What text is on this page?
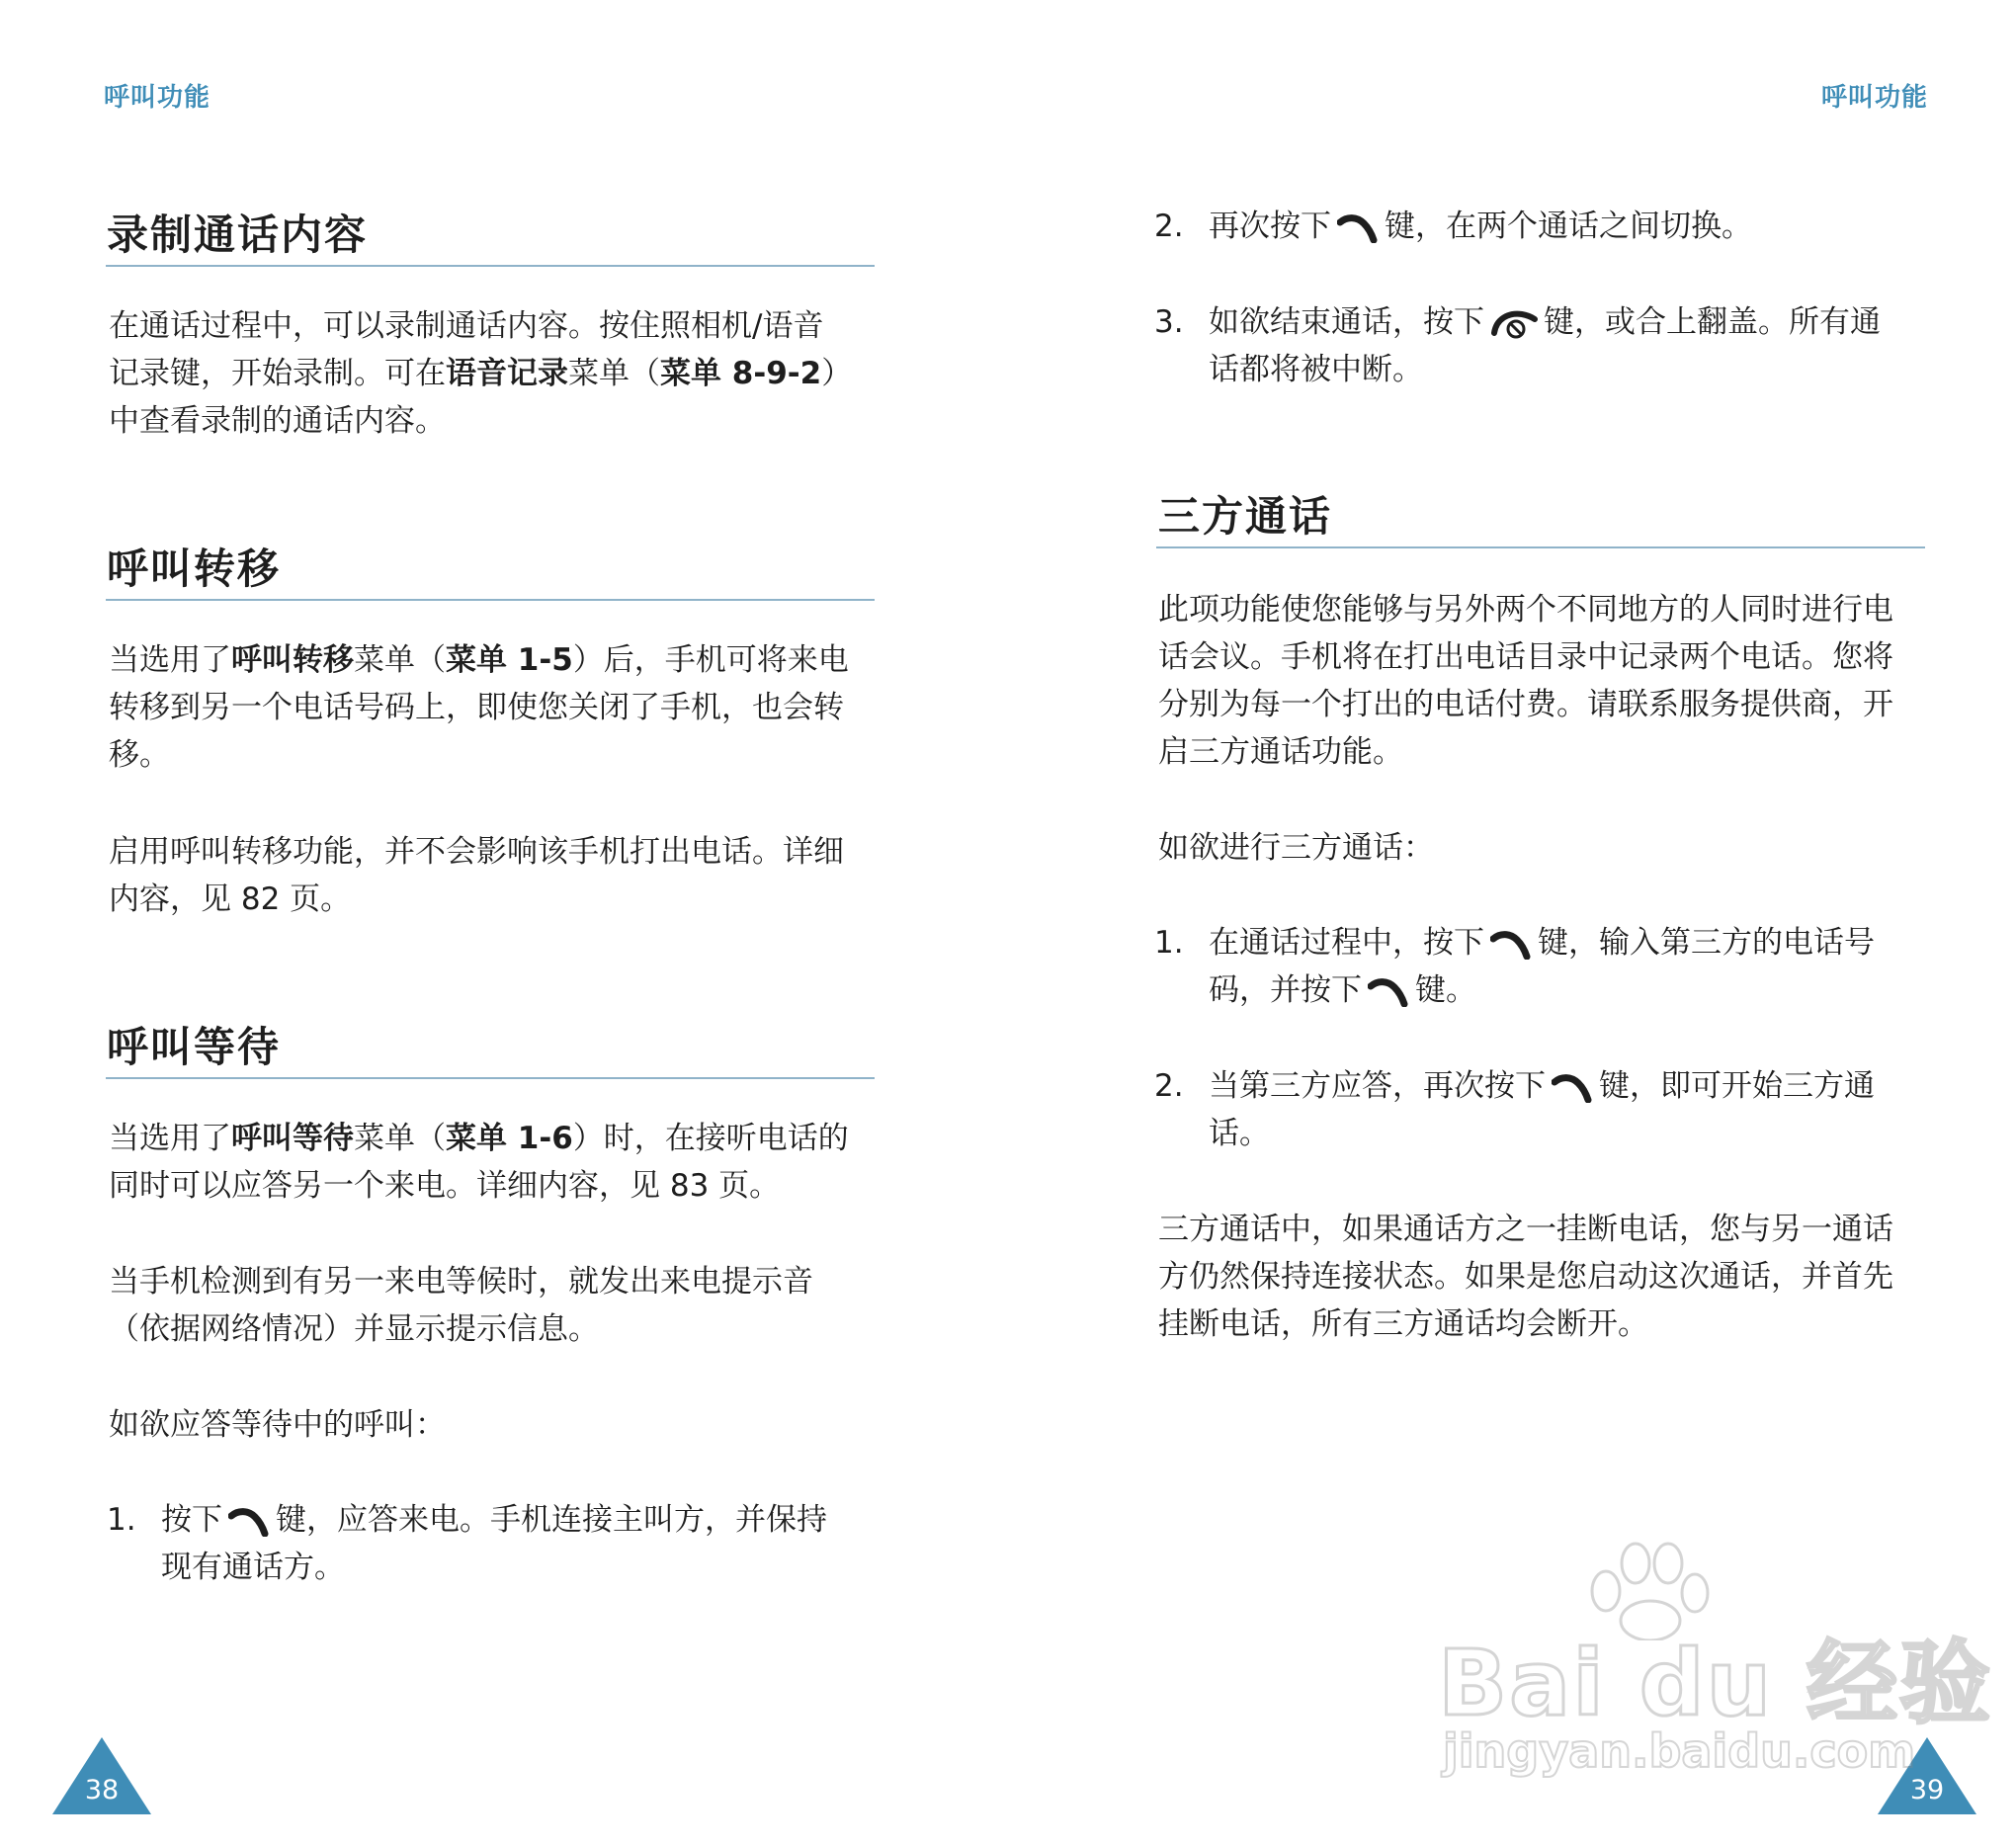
呼叫功能
录制通话内容
在通话过程中，可以录制通话内容。按住照相机/语音
记录键，开始录制。可在语音记录菜单（菜单 8-9-2）
中查看录制的通话内容。
呼叫转移
当选用了呼叫转移菜单（菜单 1-5）后，手机可将来电
转移到另一个电话号码上，即使您关闭了手机，也会转
移。
启用呼叫转移功能，并不会影响该手机打出电话。详细
内容，见 82 页。
呼叫等待
当选用了呼叫等待菜单（菜单 1-6）时，在接听电话的
同时可以应答另一个来电。详细内容，见 83 页。
当手机检测到有另一来电等候时，就发出来电提示音
（依据网络情况）并显示提示信息。
如欲应答等待中的呼叫：
1. 按下 键，应答来电。手机连接主叫方，并保持
现有通话方。
38
呼叫功能
2. 再次按下 键，在两个通话之间切换。
3. 如欲结束通话，按下 键，或合上翻盖。所有通
话都将被中断。
三方通话
此项功能使您能够与另外两个不同地方的人同时进行电
话会议。手机将在打出电话目录中记录两个电话。您将
分别为每一个打出的电话付费。请联系服务提供商，开
启三方通话功能。
如欲进行三方通话：
1. 在通话过程中，按下 键，输入第三方的电话号
码，并按下 键。
2. 当第三方应答，再次按下 键，即可开始三方通
话。
三方通话中，如果通话方之一挂断电话，您与另一通话
方仍然保持连接状态。如果是您启动这次通话，并首先
挂断电话，所有三方通话均会断开。
39
Bai du 经验
jingyan.baidu.com
